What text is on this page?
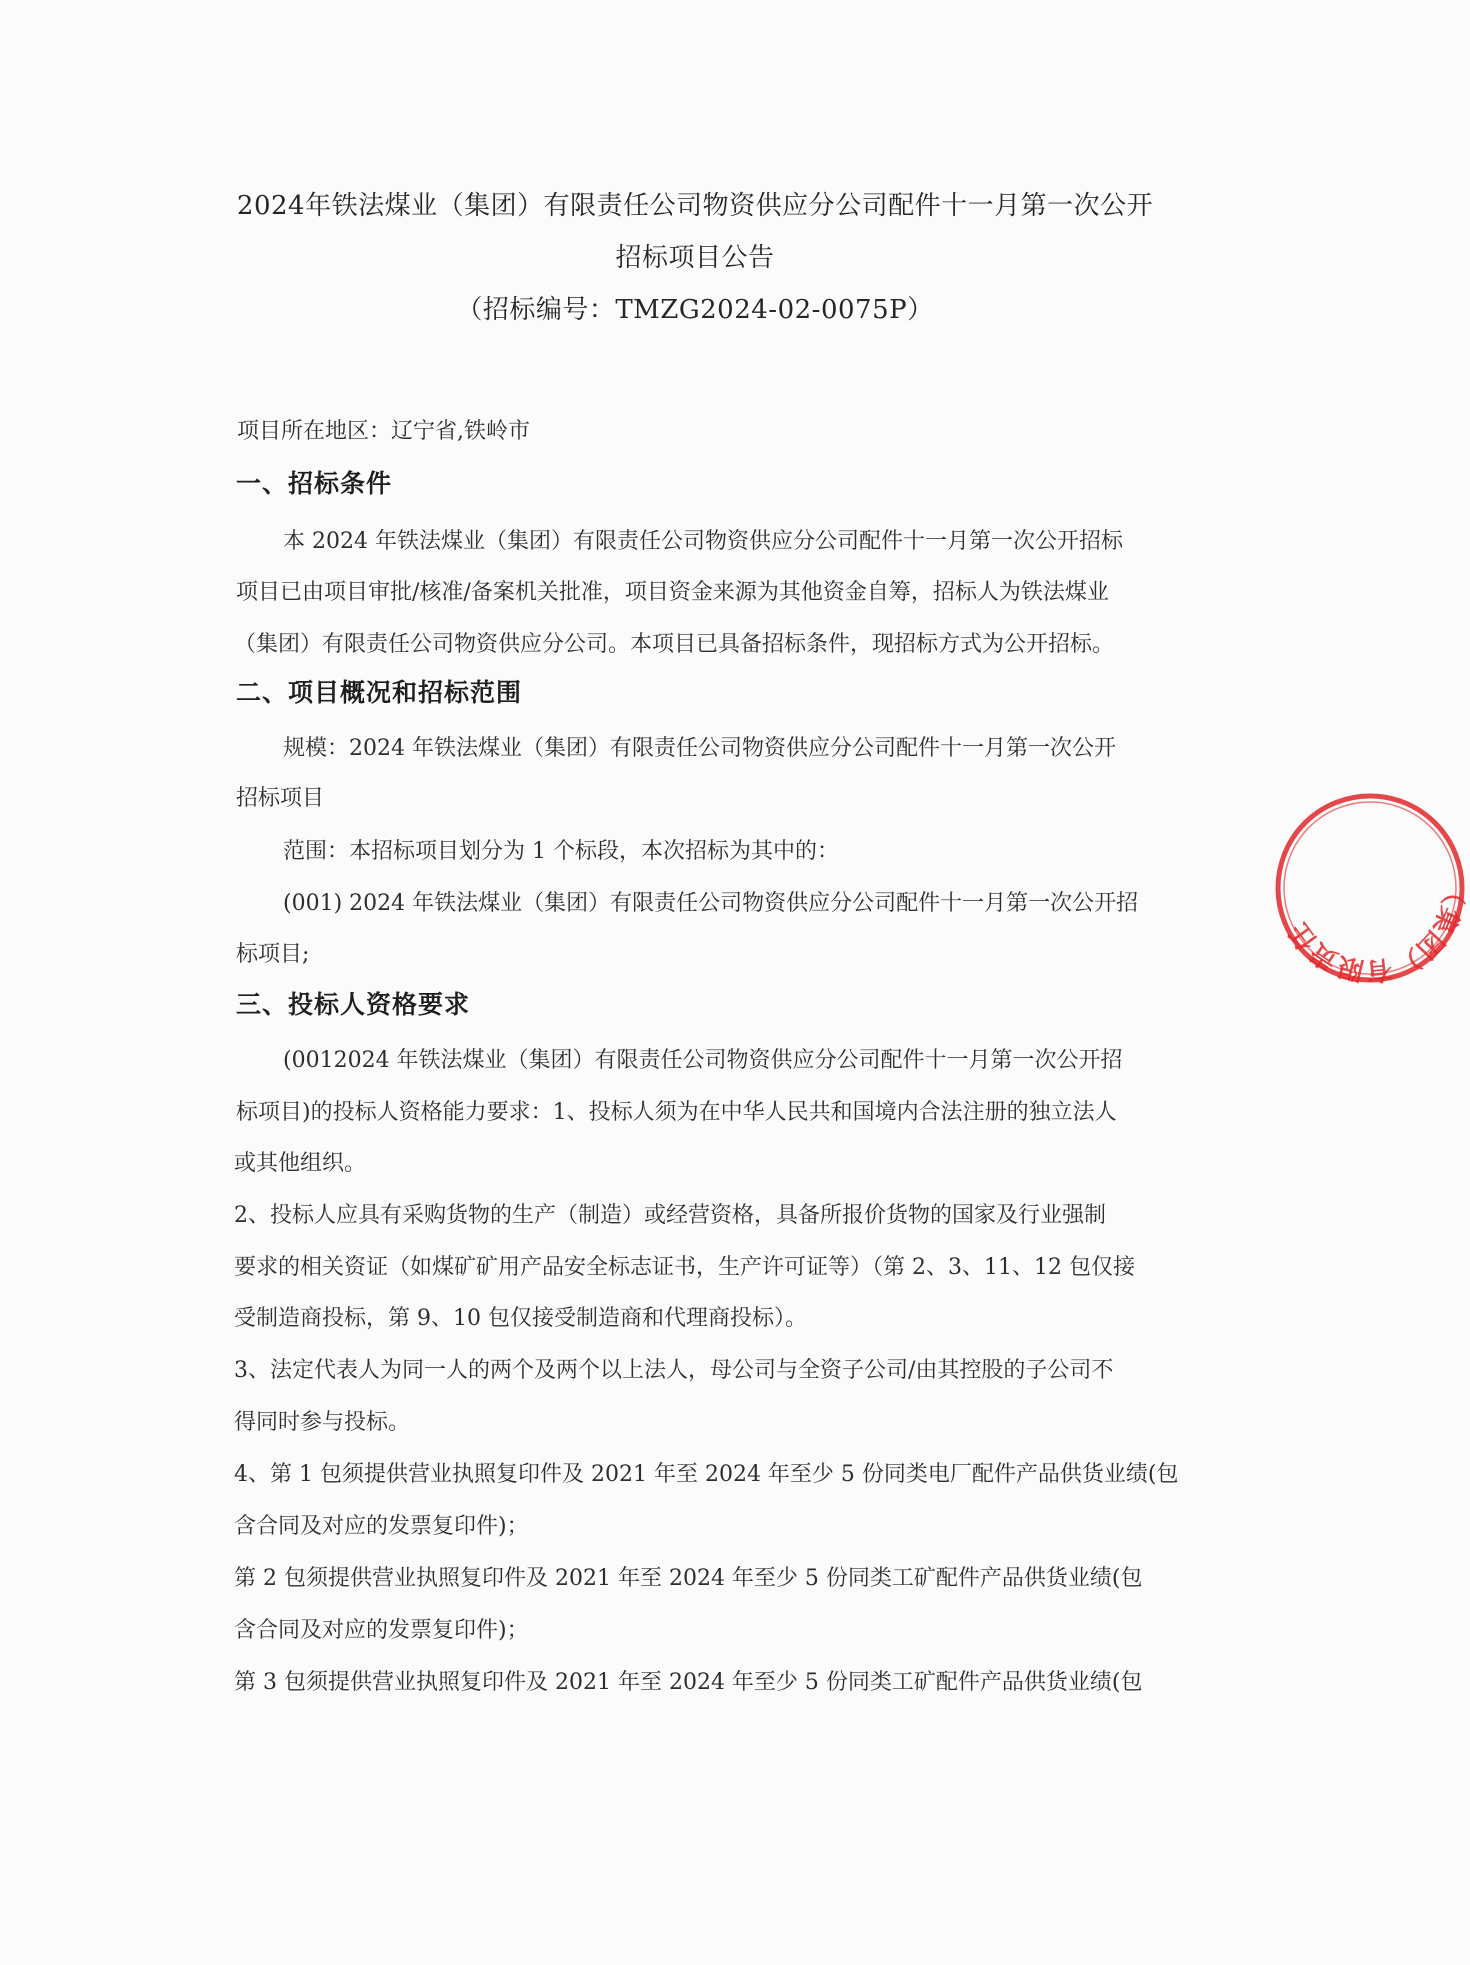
2024年铁法煤业（集团）有限责任公司物资供应分公司配件十一月第一次公开
招标项目公告
（招标编号：TMZG2024-02-0075P）
项目所在地区：辽宁省,铁岭市
一、招标条件
本 2024 年铁法煤业（集团）有限责任公司物资供应分公司配件十一月第一次公开招标
项目已由项目审批/核准/备案机关批准，项目资金来源为其他资金自筹，招标人为铁法煤业
（集团）有限责任公司物资供应分公司。本项目已具备招标条件，现招标方式为公开招标。
二、项目概况和招标范围
规模：2024 年铁法煤业（集团）有限责任公司物资供应分公司配件十一月第一次公开
招标项目
范围：本招标项目划分为 1 个标段，本次招标为其中的：
(001) 2024 年铁法煤业（集团）有限责任公司物资供应分公司配件十一月第一次公开招
标项目;
三、投标人资格要求
(0012024 年铁法煤业（集团）有限责任公司物资供应分公司配件十一月第一次公开招
标项目)的投标人资格能力要求：1、投标人须为在中华人民共和国境内合法注册的独立法人
或其他组织。
2、投标人应具有采购货物的生产（制造）或经营资格，具备所报价货物的国家及行业强制
要求的相关资证（如煤矿矿用产品安全标志证书，生产许可证等）（第 2、3、11、12 包仅接
受制造商投标，第 9、10 包仅接受制造商和代理商投标）。
3、法定代表人为同一人的两个及两个以上法人，母公司与全资子公司/由其控股的子公司不
得同时参与投标。
4、第 1 包须提供营业执照复印件及 2021 年至 2024 年至少 5 份同类电厂配件产品供货业绩(包
含合同及对应的发票复印件)；
第 2 包须提供营业执照复印件及 2021 年至 2024 年至少 5 份同类工矿配件产品供货业绩(包
含合同及对应的发票复印件)；
第 3 包须提供营业执照复印件及 2021 年至 2024 年至少 5 份同类工矿配件产品供货业绩(包
（集团）有限责任
